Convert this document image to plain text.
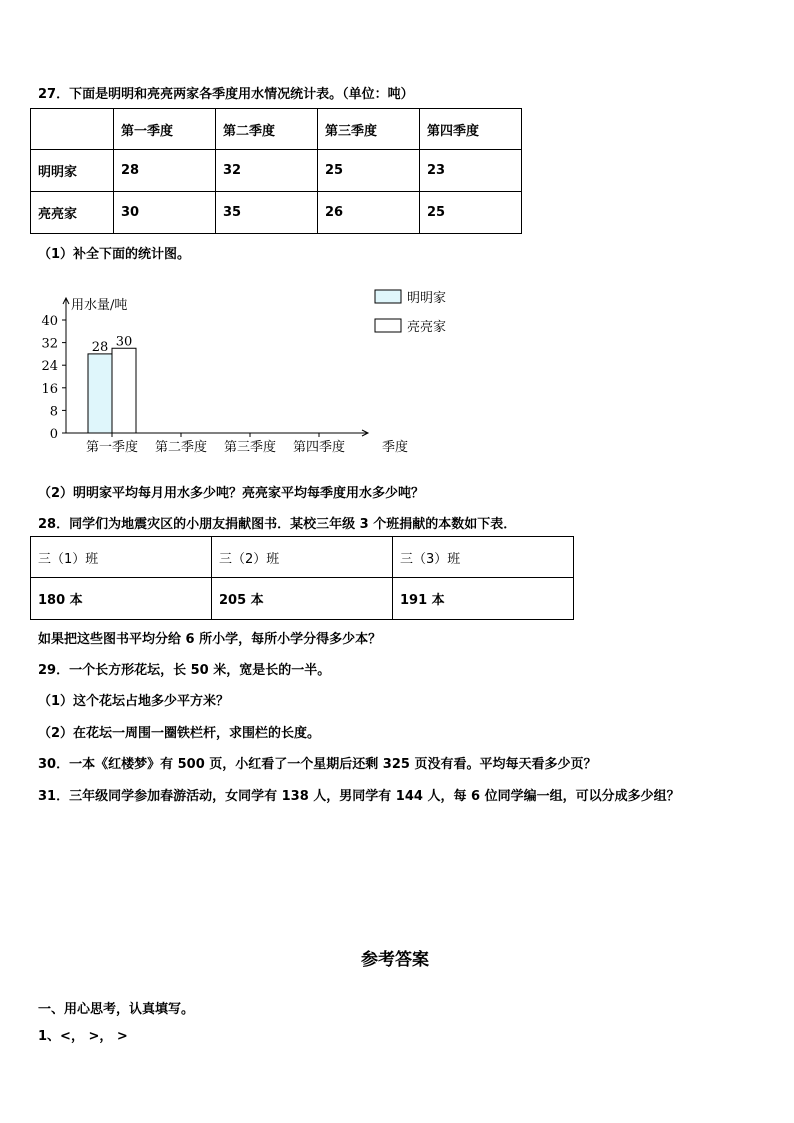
27．下面是明明和亮亮两家各季度用水情况统计表。（单位：吨）
	第一季度	第二季度	第三季度	第四季度
明明家	28	32	25	23
亮亮家	30	35	26	25
（1）补全下面的统计图。
用水量/吨
0
8
16
24
32
40
第一季度
28 30
第二季度 第三季度 第四季度	季度
明明家
亮亮家
（2）明明家平均每月用水多少吨？亮亮家平均每季度用水多少吨？
28．同学们为地震灾区的小朋友捐献图书．某校三年级 3 个班捐献的本数如下表．
三（1）班	三（2）班	三（3）班
180 本	205 本	191 本
如果把这些图书平均分给 6 所小学，每所小学分得多少本？
29．一个长方形花坛，长 50 米，宽是长的一半。
（1）这个花坛占地多少平方米？
（2）在花坛一周围一圈铁栏杆，求围栏的长度。
30．一本《红楼梦》有 500 页，小红看了一个星期后还剩 325 页没有看。平均每天看多少页？
31．三年级同学参加春游活动，女同学有 138 人，男同学有 144 人，每 6 位同学编一组，可以分成多少组？
参考答案
一、用心思考，认真填写。
1、<， >， >
